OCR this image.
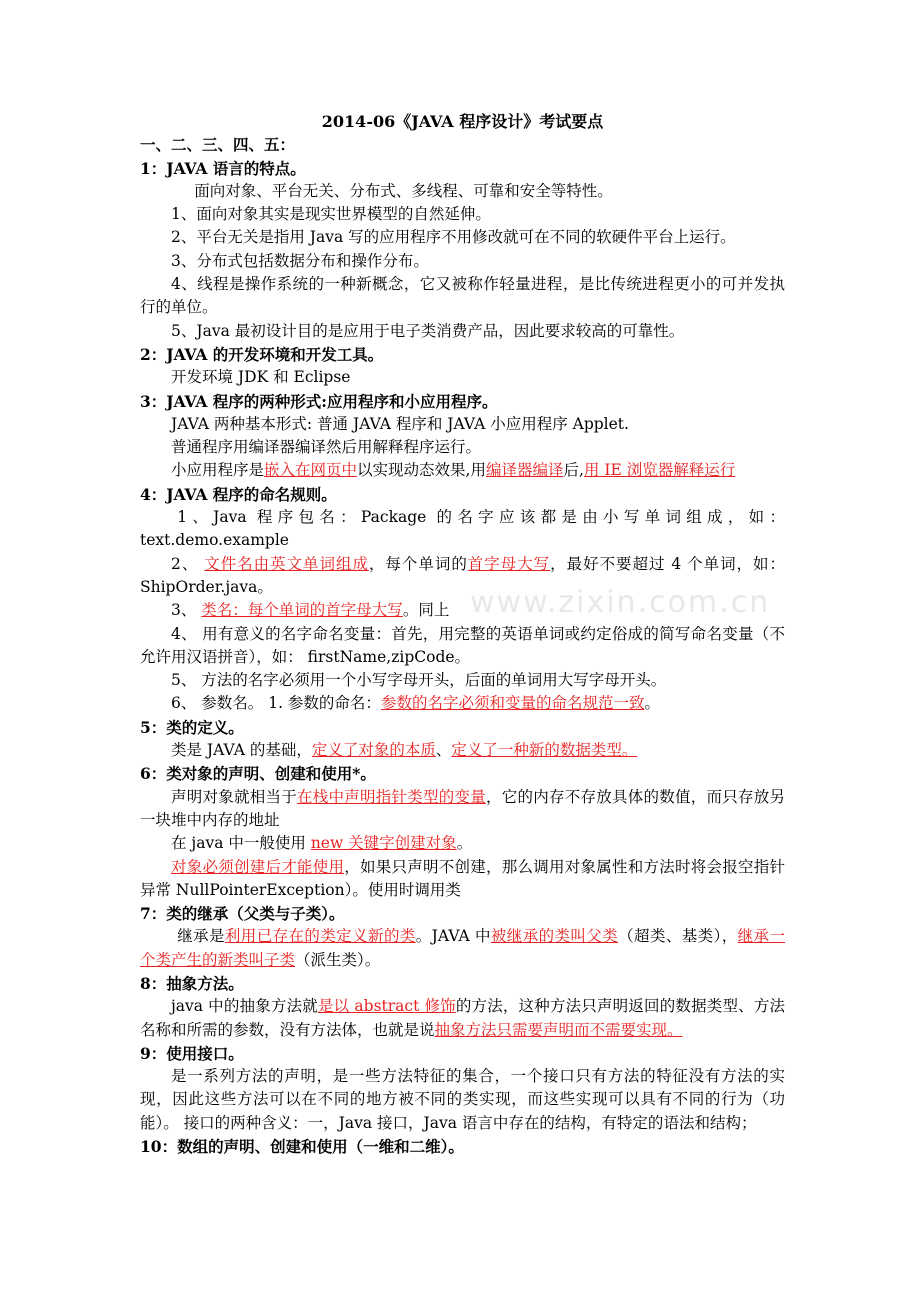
www.zixin.com.cn
2014-06《JAVA 程序设计》考试要点
一、二、三、四、五：
1：JAVA 语言的特点。
面向对象、平台无关、分布式、多线程、可靠和安全等特性。
1、面向对象其实是现实世界模型的自然延伸。
2、平台无关是指用 Java 写的应用程序不用修改就可在不同的软硬件平台上运行。
3、分布式包括数据分布和操作分布。
4、线程是操作系统的一种新概念，它又被称作轻量进程，是比传统进程更小的可并发执行的单位。
5、Java 最初设计目的是应用于电子类消费产品，因此要求较高的可靠性。
2：JAVA 的开发环境和开发工具。
开发环境 JDK 和 Eclipse
3：JAVA 程序的两种形式:应用程序和小应用程序。
JAVA 两种基本形式: 普通 JAVA 程序和 JAVA 小应用程序 Applet.
普通程序用编译器编译然后用解释程序运行。
小应用程序是嵌入在网页中以实现动态效果,用编译器编译后,用 IE 浏览器解释运行
4：JAVA 程序的命名规则。
1、Java 程序包名：Package 的名字应该都是由小写单词组成，如：text.demo.example
2、 文件名由英文单词组成，每个单词的首字母大写，最好不要超过 4 个单词，如：ShipOrder.java。
3、 类名：每个单词的首字母大写。同上
4、 用有意义的名字命名变量：首先，用完整的英语单词或约定俗成的简写命名变量（不允许用汉语拼音），如： firstName,zipCode。
5、 方法的名字必须用一个小写字母开头，后面的单词用大写字母开头。
6、 参数名。 1. 参数的命名：参数的名字必须和变量的命名规范一致。
5：类的定义。
类是 JAVA 的基础，定义了对象的本质、定义了一种新的数据类型。
6：类对象的声明、创建和使用*。
声明对象就相当于在栈中声明指针类型的变量，它的内存不存放具体的数值，而只存放另一块堆中内存的地址
在 java 中一般使用 new 关键字创建对象。
对象必须创建后才能使用，如果只声明不创建，那么调用对象属性和方法时将会报空指针异常 NullPointerException）。使用时调用类
7：类的继承（父类与子类）。
继承是利用已存在的类定义新的类。JAVA 中被继承的类叫父类（超类、基类），继承一个类产生的新类叫子类（派生类）。
8：抽象方法。
java 中的抽象方法就是以 abstract 修饰的方法，这种方法只声明返回的数据类型、方法名称和所需的参数，没有方法体，也就是说抽象方法只需要声明而不需要实现。
9：使用接口。
是一系列方法的声明，是一些方法特征的集合，一个接口只有方法的特征没有方法的实现，因此这些方法可以在不同的地方被不同的类实现，而这些实现可以具有不同的行为（功能）。 接口的两种含义：一，Java 接口，Java 语言中存在的结构，有特定的语法和结构；
10：数组的声明、创建和使用（一维和二维）。
